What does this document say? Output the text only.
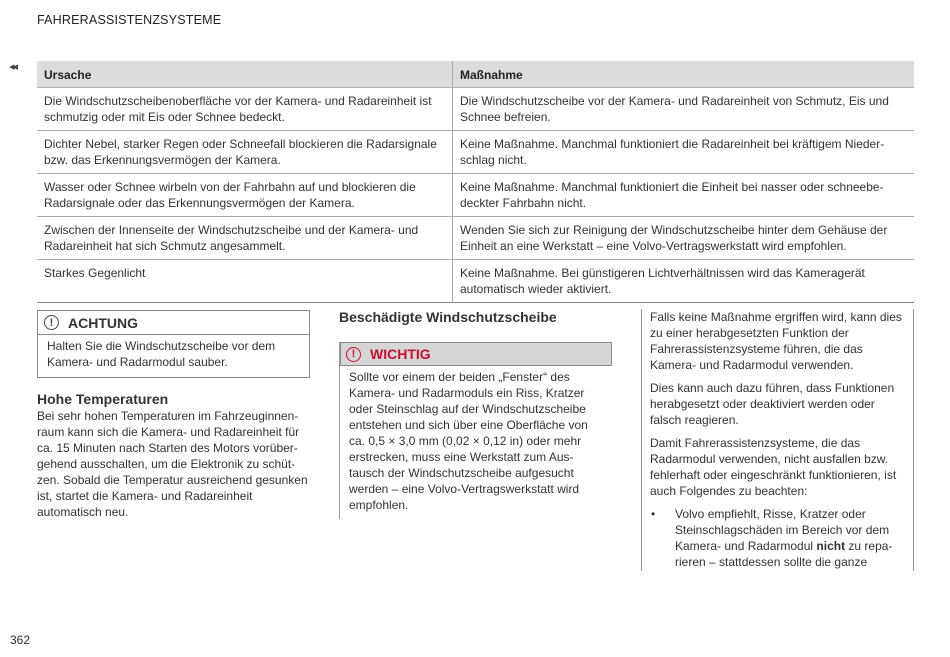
FAHRERASSISTENZSYSTEME
◂◂
Ursache	Maßnahme
Die Windschutzscheibenoberfläche vor der Kamera- und Radareinheit ist schmutzig oder mit Eis oder Schnee bedeckt.	Die Windschutzscheibe vor der Kamera- und Radareinheit von Schmutz, Eis und Schnee befreien.
Dichter Nebel, starker Regen oder Schneefall blockieren die Radarsignale bzw. das Erkennungsvermögen der Kamera.	Keine Maßnahme. Manchmal funktioniert die Radareinheit bei kräftigem Niederschlag nicht.
Wasser oder Schnee wirbeln von der Fahrbahn auf und blockieren die Radarsignale oder das Erkennungsvermögen der Kamera.	Keine Maßnahme. Manchmal funktioniert die Einheit bei nasser oder schneebedeckter Fahrbahn nicht.
Zwischen der Innenseite der Windschutzscheibe und der Kamera- und Radareinheit hat sich Schmutz angesammelt.	Wenden Sie sich zur Reinigung der Windschutzscheibe hinter dem Gehäuse der Einheit an eine Werkstatt – eine Volvo-Vertragswerkstatt wird empfohlen.
Starkes Gegenlicht	Keine Maßnahme. Bei günstigeren Lichtverhältnissen wird das Kameragerät automatisch wieder aktiviert.
!	ACHTUNG
Halten Sie die Windschutzscheibe vor dem Kamera- und Radarmodul sauber.
Hohe Temperaturen
Bei sehr hohen Temperaturen im Fahrzeuginnenraum kann sich die Kamera- und Radareinheit für ca. 15 Minuten nach Starten des Motors vorübergehend ausschalten, um die Elektronik zu schützen. Sobald die Temperatur ausreichend gesunken ist, startet die Kamera- und Radareinheit automatisch neu.
Beschädigte Windschutzscheibe
!	WICHTIG
Sollte vor einem der beiden „Fenster“ des Kamera- und Radarmoduls ein Riss, Kratzer oder Steinschlag auf der Windschutzscheibe entstehen und sich über eine Oberfläche von ca. 0,5 × 3,0 mm (0,02 × 0,12 in) oder mehr erstrecken, muss eine Werkstatt zum Austausch der Windschutzscheibe aufgesucht werden – eine Volvo-Vertragswerkstatt wird empfohlen.

Falls keine Maßnahme ergriffen wird, kann dies zu einer herabgesetzten Funktion der Fahrerassistenzsysteme führen, die das Kamera- und Radarmodul verwenden.

Dies kann auch dazu führen, dass Funktionen herabgesetzt oder deaktiviert werden oder falsch reagieren.

Damit Fahrerassistenzsysteme, die das Radarmodul verwenden, nicht ausfallen bzw. fehlerhaft oder eingeschränkt funktionieren, ist auch Folgendes zu beachten:

•	Volvo empfiehlt, Risse, Kratzer oder Steinschlagschäden im Bereich vor dem Kamera- und Radarmodul nicht zu reparieren – stattdessen sollte die ganze
362
